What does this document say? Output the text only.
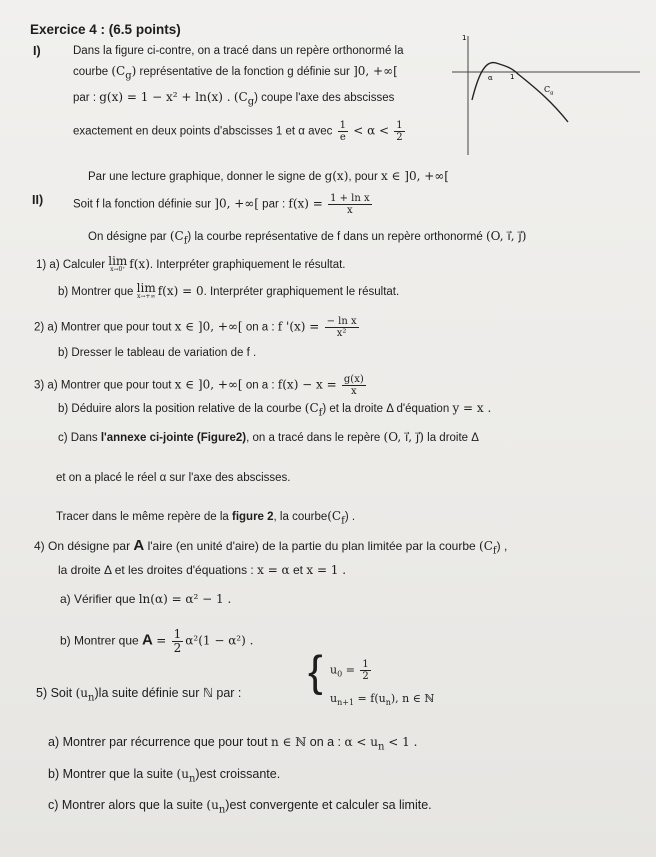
Exercice 4 : (6.5 points)
I)	Dans la figure ci-contre, on a tracé dans un repère orthonormé la
courbe $(C_g)$ représentative de la fonction g définie sur ]0, +∞[
par : g(x) = 1 − x² + ln(x) . $(C_g)$ coupe l'axe des abscisses
exactement en deux points d'abscisses 1 et α avec $\frac{1}{e} < \alpha < \frac{1}{2}$
Par une lecture graphique, donner le signe de g(x), pour x ∈ ]0, +∞[
1
α 1
$C_g$
II)	Soit f la fonction définie sur ]0, +∞[ par : $f(x) = \frac{\text{1 + ln x}}{x}$
On désigne par $(C_f)$ la courbe représentative de f dans un repère orthonormé (O, i⃗, j⃗)
1) a) Calculer lim
x→0⁺ f(x). Interpréter graphiquement le résultat.
b) Montrer que lim
x→+∞ f(x) = 0. Interpréter graphiquement le résultat.
2) a) Montrer que pour tout x ∈ ]0, +∞[ on a : f '$(x) = \frac{\text{− ln x}}{\text{x²}}$
b) Dresser le tableau de variation de f .
3) a) Montrer que pour tout x ∈ ]0, +∞[ on a : $f(x) - x = \frac{g(x)}{x}$
b) Déduire alors la position relative de la courbe $(C_f)$ et la droite Δ d'équation y = x .
c) Dans l'annexe ci-jointe (Figure2), on a tracé dans le repère (O, i⃗, j⃗) la droite Δ
et on a placé le réel α sur l'axe des abscisses.
Tracer dans le même repère de la figure 2, la $courbe(C_f)$ .
4) On désigne par A l'aire (en unité d'aire) de la partie du plan limitée par la courbe $(C_f)$ ,
la droite Δ et les droites d'équations : x = α et x = 1 .
a) Vérifier que ln(α) = α² − 1 .
b) Montrer que $A = \frac{1}{2} \alpha^2(1 - \alpha^2)$ .
5) Soit $(u_n)la$ suite définie sur ℕ par : { $u_0 = \frac{1}{2}$
$u_{n+1} = f(u_n)$, n ∈ ℕ
a) Montrer par récurrence que pour tout n ∈ ℕ on a : $\alpha < u_n < 1$ .
b) Montrer que la suite $(u_n)est$ croissante.
c) Montrer alors que la suite $(u_n)est$ convergente et calculer sa limite.
